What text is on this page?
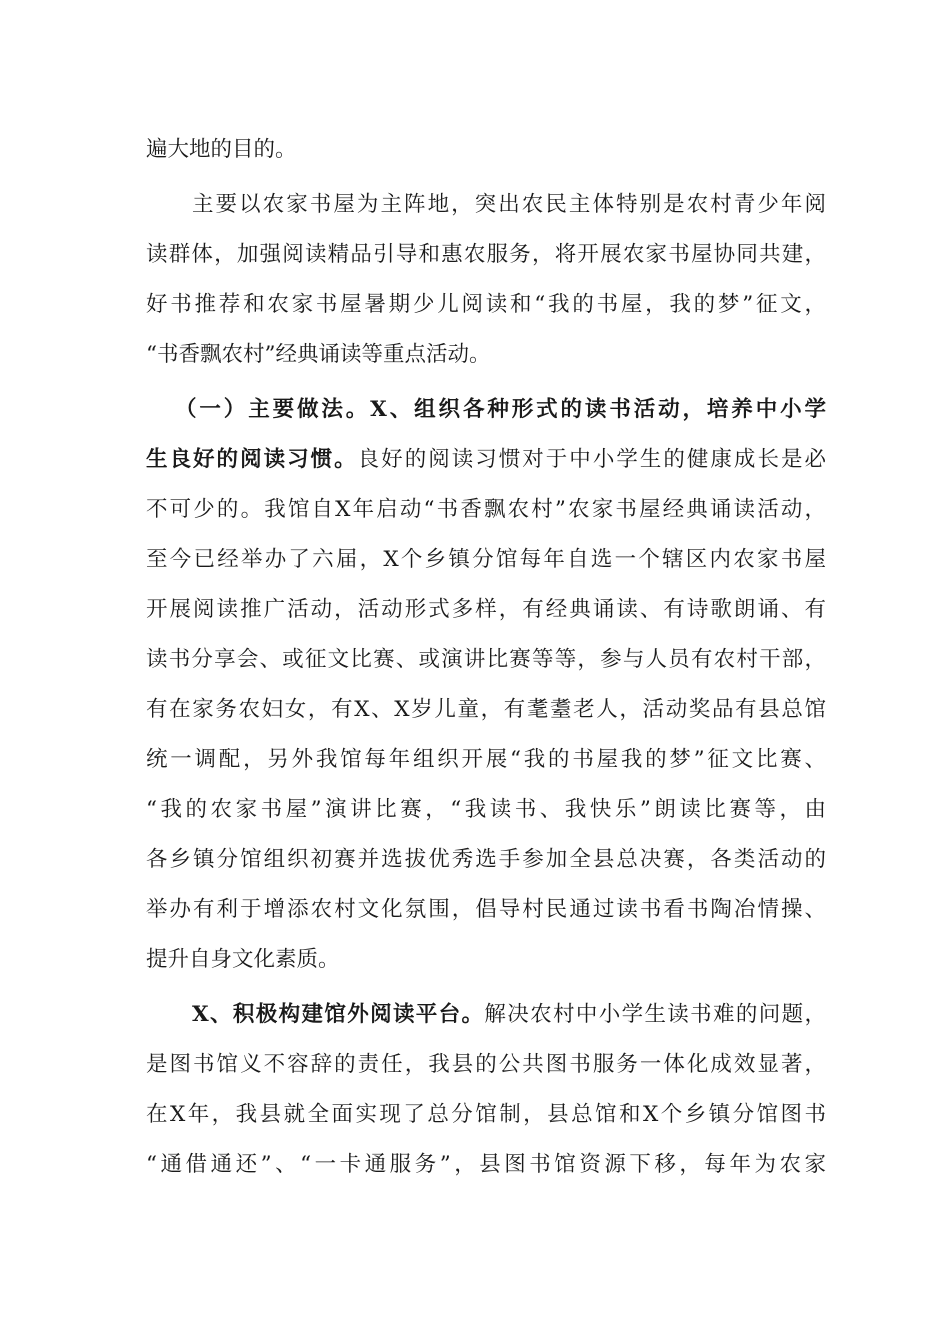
遍大地的目的。
主要以农家书屋为主阵地，突出农民主体特别是农村青少年阅
读群体，加强阅读精品引导和惠农服务，将开展农家书屋协同共建，
好书推荐和农家书屋暑期少儿阅读和“我的书屋，我的梦”征文，
“书香飘农村”经典诵读等重点活动。
（一）主要做法。X、组织各种形式的读书活动，培养中小学
生良好的阅读习惯。良好的阅读习惯对于中小学生的健康成长是必
不可少的。我馆自X年启动“书香飘农村”农家书屋经典诵读活动，
至今已经举办了六届，X个乡镇分馆每年自选一个辖区内农家书屋
开展阅读推广活动，活动形式多样，有经典诵读、有诗歌朗诵、有
读书分享会、或征文比赛、或演讲比赛等等，参与人员有农村干部，
有在家务农妇女，有X、X岁儿童，有耄耋老人，活动奖品有县总馆
统一调配，另外我馆每年组织开展“我的书屋我的梦”征文比赛、
“我的农家书屋”演讲比赛，“我读书、我快乐”朗读比赛等，由
各乡镇分馆组织初赛并选拔优秀选手参加全县总决赛，各类活动的
举办有利于增添农村文化氛围，倡导村民通过读书看书陶冶情操、
提升自身文化素质。
X、积极构建馆外阅读平台。解决农村中小学生读书难的问题，
是图书馆义不容辞的责任，我县的公共图书服务一体化成效显著，
在X年，我县就全面实现了总分馆制，县总馆和X个乡镇分馆图书
“通借通还”、“一卡通服务”，县图书馆资源下移，每年为农家
